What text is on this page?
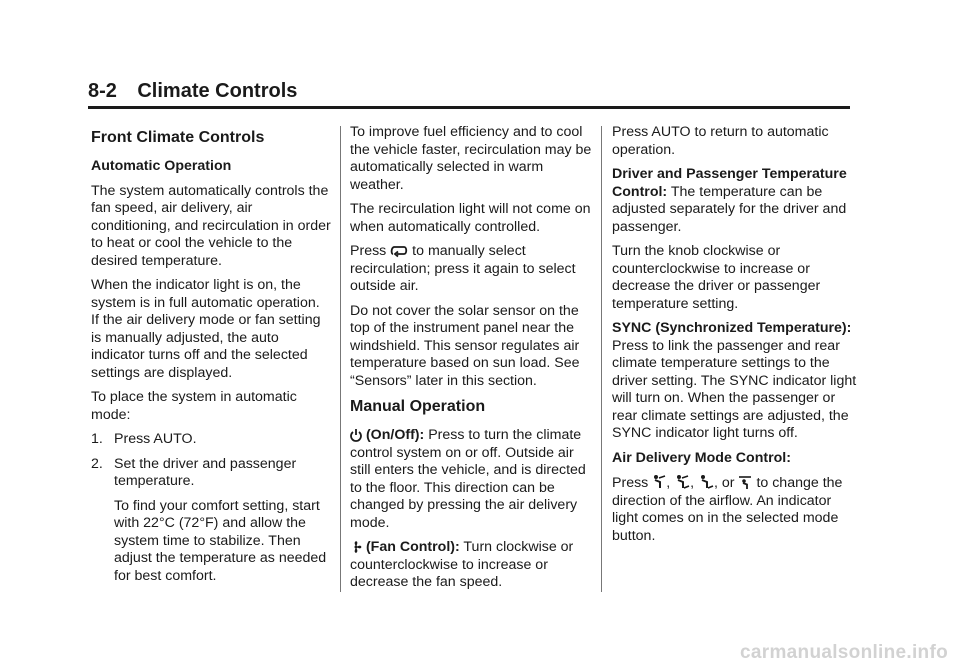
8-2 Climate Controls
Front Climate Controls
Automatic Operation

The system automatically controls the fan speed, air delivery, air conditioning, and recirculation in order to heat or cool the vehicle to the desired temperature.

When the indicator light is on, the system is in full automatic operation. If the air delivery mode or fan setting is manually adjusted, the auto indicator turns off and the selected settings are displayed.

To place the system in automatic mode:

1. Press AUTO.
2. Set the driver and passenger temperature.

To find your comfort setting, start with 22°C (72°F) and allow the system time to stabilize. Then adjust the temperature as needed for best comfort.

To improve fuel efficiency and to cool the vehicle faster, recirculation may be automatically selected in warm weather.

The recirculation light will not come on when automatically controlled.

Press to manually select recirculation; press it again to select outside air.

Do not cover the solar sensor on the top of the instrument panel near the windshield. This sensor regulates air temperature based on sun load. See “Sensors” later in this section.

Manual Operation

(On/Off): Press to turn the climate control system on or off. Outside air still enters the vehicle, and is directed to the floor. This direction can be changed by pressing the air delivery mode.

(Fan Control): Turn clockwise or counterclockwise to increase or decrease the fan speed.

Press AUTO to return to automatic operation.

Driver and Passenger Temperature Control: The temperature can be adjusted separately for the driver and passenger.

Turn the knob clockwise or counterclockwise to increase or decrease the driver or passenger temperature setting.

SYNC (Synchronized Temperature): Press to link the passenger and rear climate temperature settings to the driver setting. The SYNC indicator light will turn on. When the passenger or rear climate settings are adjusted, the SYNC indicator light turns off.

Air Delivery Mode Control:

Press , , , or to change the direction of the airflow. An indicator light comes on in the selected mode button.

carmanualsonline.info
